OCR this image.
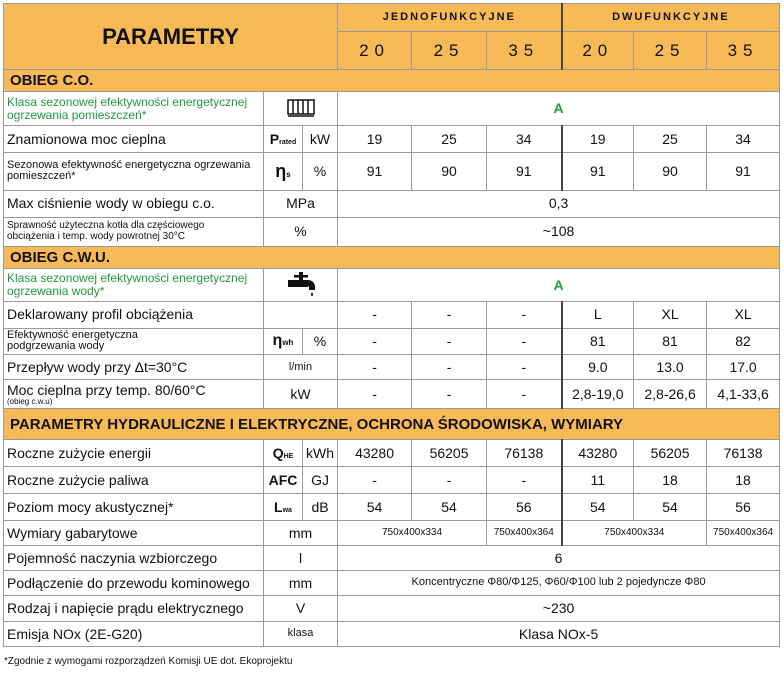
PARAMETRY			JEDNOFUNKCYJNE			DWUFUNKCYJNE		
			20	25	35	20	25	35
OBIEG C.O.								
Klasa sezonowej efektywności energetycznej ogrzewania pomieszczeń*			A					
Znamionowa moc cieplna	Prated	kW	19	25	34	19	25	34
Sezonowa efektywność energetyczna ogrzewania pomieszczeń*	ηs	%	91	90	91	91	90	91
Max ciśnienie wody w obiegu c.o.	MPa		0,3					

Sprawność użyteczna kotła dla częściowego
obciążenia i temp. wody powrotnej 30°C	%		~108					
OBIEG C.W.U.								
Klasa sezonowej efektywności energetycznej ogrzewania wody*			A					
Deklarowany profil obciążenia			-	-	-	L	XL	XL

Efektywność energetyczna
podgrzewania wody	ηwh	%	-	-	-	81	81	82
Przepływ wody przy Δt=30°C	l/min		-	-	-	9.0	13.0	17.0

Moc cieplna przy temp. 80/60°C
(obieg c.w.u)	kW		-	-	-	2,8-19,0	2,8-26,6	4,1-33,6
PARAMETRY HYDRAULICZNE I ELEKTRYCZNE, OCHRONA ŚRODOWISKA, WYMIARY								
Roczne zużycie energii	QHE	kWh	43280	56205	76138	43280	56205	76138
Roczne zużycie paliwa	AFC	GJ	-	-	-	11	18	18
Poziom mocy akustycznej*	Lwa	dB	54	54	56	54	54	56
Wymiary gabarytowe	mm		750x400x334		750x400x364	750x400x334		750x400x364
Pojemność naczynia wzbiorczego	l		6					
Podłączenie do przewodu kominowego	mm		Koncentryczne Φ80/Φ125, Φ60/Φ100 lub 2 pojedyncze Φ80					
Rodzaj i napięcie prądu elektrycznego	V		~230					
Emisja NOx (2E-G20)	klasa		Klasa NOx-5					
*Zgodnie z wymogami rozporządzeń Komisji UE dot. Ekoprojektu
